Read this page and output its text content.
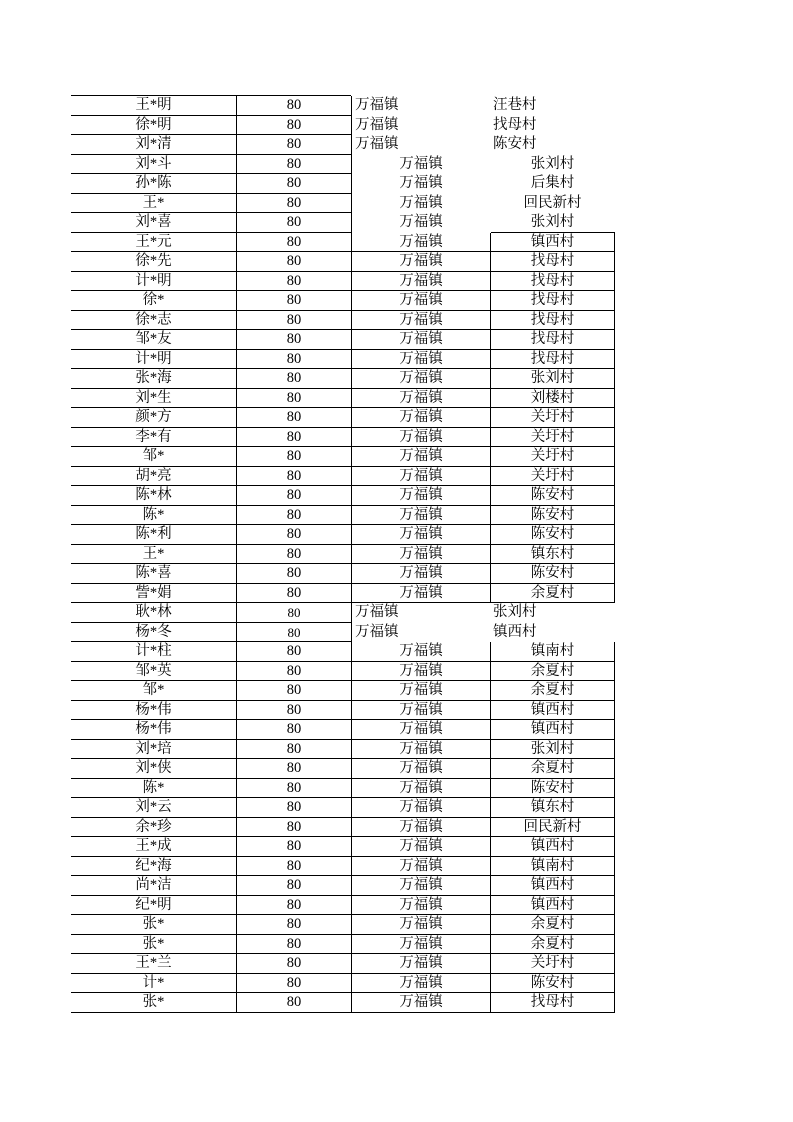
王*明	80	万福镇	汪巷村
徐*明	80	万福镇	找母村
刘*清	80	万福镇	陈安村
刘*斗	80	万福镇	张刘村
孙*陈	80	万福镇	后集村
王*	80	万福镇	回民新村
刘*喜	80	万福镇	张刘村
王*元	80	万福镇	镇西村
徐*先	80	万福镇	找母村
计*明	80	万福镇	找母村
徐*	80	万福镇	找母村
徐*志	80	万福镇	找母村
邹*友	80	万福镇	找母村
计*明	80	万福镇	找母村
张*海	80	万福镇	张刘村
刘*生	80	万福镇	刘楼村
颜*方	80	万福镇	关圩村
李*有	80	万福镇	关圩村
邹*	80	万福镇	关圩村
胡*亮	80	万福镇	关圩村
陈*林	80	万福镇	陈安村
陈*	80	万福镇	陈安村
陈*利	80	万福镇	陈安村
王*	80	万福镇	镇东村
陈*喜	80	万福镇	陈安村
訾*娟	80	万福镇	余夏村
耿*林	80	万福镇	张刘村
杨*冬	80	万福镇	镇西村
计*柱	80	万福镇	镇南村
邹*英	80	万福镇	余夏村
邹*	80	万福镇	余夏村
杨*伟	80	万福镇	镇西村
杨*伟	80	万福镇	镇西村
刘*培	80	万福镇	张刘村
刘*侠	80	万福镇	余夏村
陈*	80	万福镇	陈安村
刘*云	80	万福镇	镇东村
余*珍	80	万福镇	回民新村
王*成	80	万福镇	镇西村
纪*海	80	万福镇	镇南村
尚*洁	80	万福镇	镇西村
纪*明	80	万福镇	镇西村
张*	80	万福镇	余夏村
张*	80	万福镇	余夏村
王*兰	80	万福镇	关圩村
计*	80	万福镇	陈安村
张*	80	万福镇	找母村
